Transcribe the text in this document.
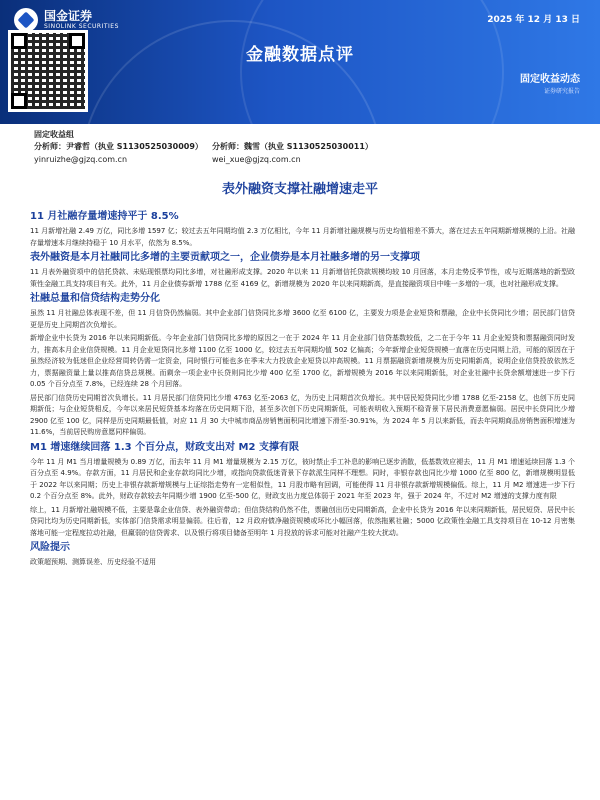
国金证券
SINOLINK SECURITIES
2025 年 12 月 13 日
金融数据点评
固定收益动态
证券研究报告
固定收益组
分析师：尹睿哲（执业 S1130525030009） 分析师：魏雪（执业 S1130525030011）
yinruizhe@gjzq.com.cn	wei_xue@gjzq.com.cn
表外融资支撑社融增速走平
11 月社融存量增速持平于 8.5%

11 月新增社融 2.49 万亿，同比多增 1597 亿；较过去五年同期均值 2.3 万亿相比，今年 11 月新增社融规模与历史均值相差不算大，落在过去五年同期新增规模的上沿。社融存量增速本月继续持稳于 10 月水平，依然为 8.5%。

表外融资是本月社融同比多增的主要贡献项之一，企业债券是本月社融多增的另一支撑项

11 月表外融资项中的信托贷款、未贴现银票均同比多增，对社融形成支撑。2020 年以来 11 月新增信托贷款规模均较 10 月回落，本月走势反季节性，或与近期落地的新型政策性金融工具支持项目有关。此外，11 月企业债券新增 1788 亿至 4169 亿，新增规模为 2020 年以来同期新高，是直接融资项目中唯一多增的一项，也对社融形成支撑。

社融总量和信贷结构走势分化

虽然 11 月社融总体表现不差，但 11 月信贷仍然偏弱。其中企业部门信贷同比多增 3600 亿至 6100 亿，主要发力项是企业短贷和票融，企业中长贷同比少增；居民部门信贷更是历史上同期首次负增长。

新增企业中长贷为 2016 年以来同期新低。今年企业部门信贷同比多增的原因之一在于 2024 年 11 月企业部门信贷基数较低，之二在于今年 11 月企业短贷和票据融资同时发力，推高本月企业信贷规模。11 月企业短贷同比多增 1100 亿至 1000 亿，较过去五年同期均值 502 亿偏高；今年新增企业短贷规模一直落在历史同期上沿，可能的原因在于虽然经济较为低迷但企业经营周转仍需一定资金，同时银行可能也多在季末大力投放企业短贷以冲高规模。11 月票据融资新增规模为历史同期新高，说明企业信贷投放依然乏力，票据融资量上量以推高信贷总规模。而剩余一项企业中长贷则同比少增 400 亿至 1700 亿，新增规模为 2016 年以来同期新低，对企业社融中长贷余额增速进一步下行 0.05 个百分点至 7.8%，已经连续 28 个月回落。

居民部门信贷历史同期首次负增长。11 月居民部门信贷同比少增 4763 亿至-2063 亿，为历史上同期首次负增长。其中居民短贷同比少增 1788 亿至-2158 亿，也创下历史同期新低；与企业短贷相反，今年以来居民短贷基本均落在历史同期下沿，甚至多次创下历史同期新低，可能表明收入预期不稳背景下居民消费意愿偏弱。居民中长贷同比少增 2900 亿至 100 亿，同样是历史同期最低值，对应 11 月 30 大中城市商品房销售面积同比增速下滑至-30.91%，为 2024 年 5 月以来新低，而去年同期商品房销售面积增速为 11.6%，当前居民购房意愿同样偏弱。

M1 增速继续回落 1.3 个百分点，财政支出对 M2 支撑有限

今年 11 月 M1 当月增量规模为 0.89 万亿，而去年 11 月 M1 增量规模为 2.15 万亿，彼时禁止手工补息的影响已逐步消散，低基数效应褪去，11 月 M1 增速延续回落 1.3 个百分点至 4.9%。存款方面，11 月居民和企业存款均同比少增，或指向贷款低迷背景下存款派生同样不理想。同时，非银存款也同比少增 1000 亿至 800 亿，新增规模明显低于 2022 年以来同期；历史上非银存款新增规模与上证综指走势有一定相似性，11 月股市略有回调，可能使得 11 月非银存款新增规模偏低。综上，11 月 M2 增速进一步下行 0.2 个百分点至 8%。此外，财政存款较去年同期少增 1900 亿至-500 亿，财政支出力度总体弱于 2021 年至 2023 年，强于 2024 年，不过对 M2 增速的支撑力度有限

综上，11 月新增社融规模不低，主要是靠企业信贷、表外融资带动；但信贷结构仍然不佳，票融创出历史同期新高，企业中长贷为 2016 年以来同期新低，居民短贷、居民中长贷同比均为历史同期新低，实体部门信贷需求明显偏弱。往后看，12 月政府债净融资规模或环比小幅回落，依然拖累社融；5000 亿政策性金融工具支持项目在 10-12 月密集落地可能一定程度拉动社融，但羸弱的信贷需求、以及银行将项目储备至明年 1 月投放的诉求可能对社融产生较大扰动。

风险提示

政策超预期、测算误差、历史经验不适用
